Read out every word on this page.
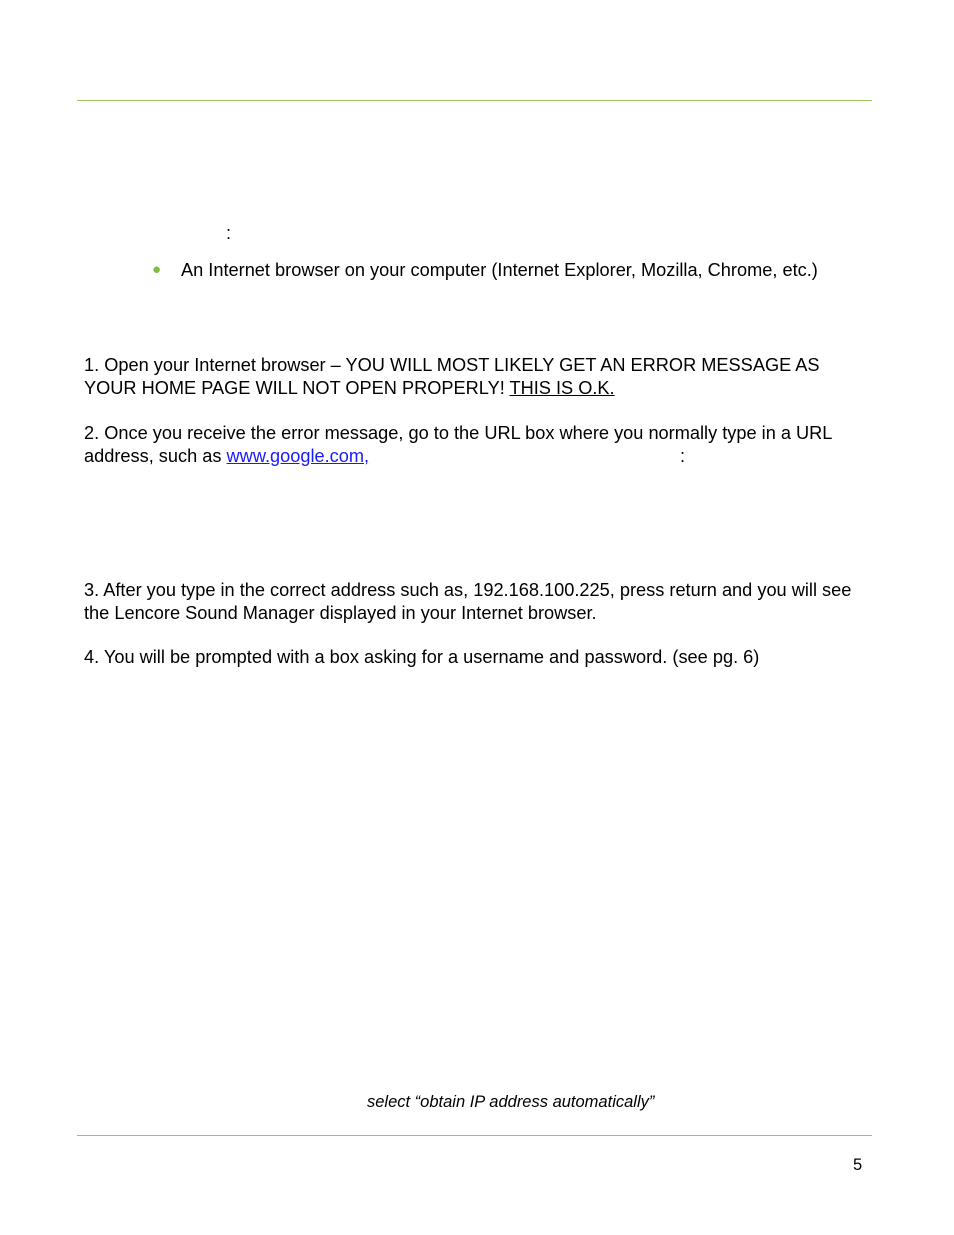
:
● An Internet browser on your computer (Internet Explorer, Mozilla, Chrome, etc.)
1. Open your Internet browser – YOU WILL MOST LIKELY GET AN ERROR MESSAGE AS
YOUR HOME PAGE WILL NOT OPEN PROPERLY! THIS IS O.K.
2. Once you receive the error message, go to the URL box where you normally type in a URL
address, such as www.google.com,	:
3. After you type in the correct address such as, 192.168.100.225, press return and you will see
the Lencore Sound Manager displayed in your Internet browser.
4. You will be prompted with a box asking for a username and password. (see pg. 6)
select “obtain IP address automatically”
5
